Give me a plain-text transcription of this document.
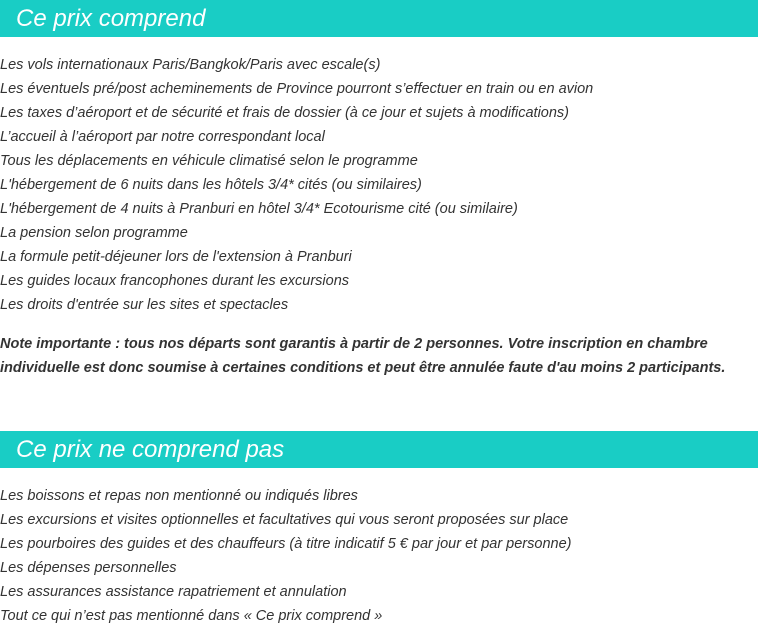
Ce prix comprend
Les vols internationaux Paris/Bangkok/Paris avec escale(s)
Les éventuels pré/post acheminements de Province pourront s’effectuer en train ou en avion
Les taxes d’aéroport et de sécurité et frais de dossier (à ce jour et sujets à modifications)
L’accueil à l’aéroport par notre correspondant local
Tous les déplacements en véhicule climatisé selon le programme
L'hébergement de 6 nuits dans les hôtels 3/4* cités (ou similaires)
L'hébergement de 4 nuits à Pranburi en hôtel 3/4* Ecotourisme cité (ou similaire)
La pension selon programme
La formule petit-déjeuner lors de l'extension à Pranburi
Les guides locaux francophones durant les excursions
Les droits d'entrée sur les sites et spectacles

Note importante : tous nos départs sont garantis à partir de 2 personnes. Votre inscription en chambre individuelle est donc soumise à certaines conditions et peut être annulée faute d'au moins 2 participants.

Ce prix ne comprend pas
Les boissons et repas non mentionné ou indiqués libres
Les excursions et visites optionnelles et facultatives qui vous seront proposées sur place
Les pourboires des guides et des chauffeurs (à titre indicatif 5 € par jour et par personne)
Les dépenses personnelles
Les assurances assistance rapatriement et annulation
Tout ce qui n’est pas mentionné dans « Ce prix comprend »
